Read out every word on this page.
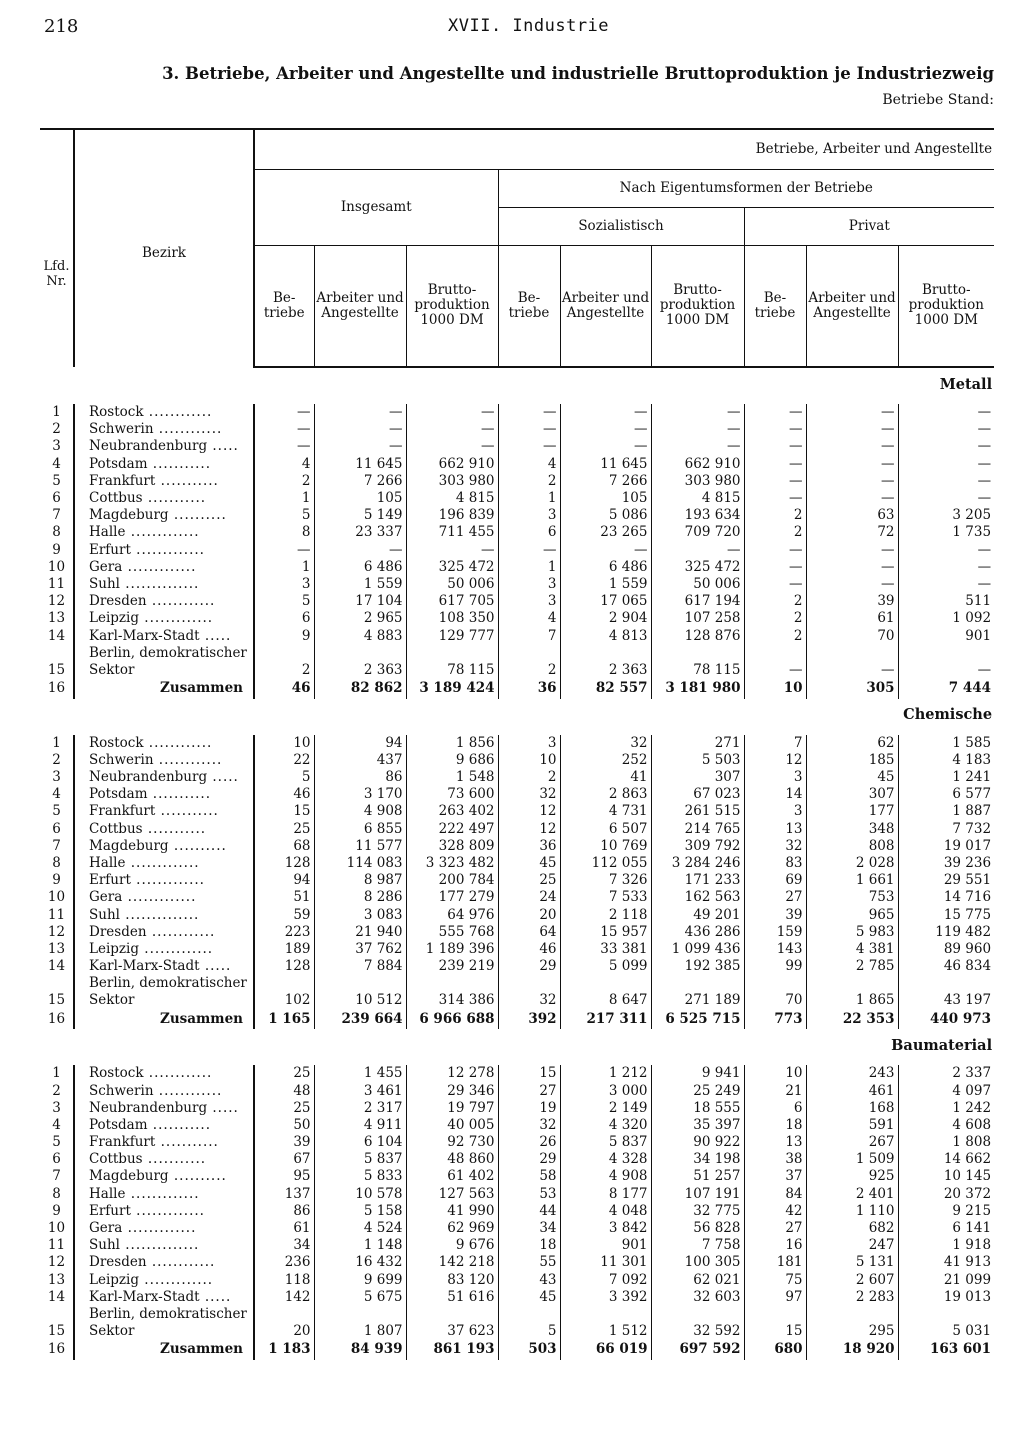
218	XVII. Industrie
3. Betriebe, Arbeiter und Angestellte und industrielle Bruttoproduktion je Industriezweig
Betriebe Stand:
Lfd. Nr.	Bezirk	Betriebe, Arbeiter und Angestellte								
		Insgesamt			Nach Eigentumsformen der Betriebe					
					Sozialistisch			Privat		
		Be-triebe	Arbeiter und Angestellte	Brutto-produktion 1000 DM	Be-triebe	Arbeiter und Angestellte	Brutto-produktion 1000 DM	Be-triebe	Arbeiter und Angestellte	Brutto-produktion 1000 DM
		Metall								
1	Rostock ............	—	—	—	—	—	—	—	—	—
2	Schwerin ............	—	—	—	—	—	—	—	—	—
3	Neubrandenburg .....	—	—	—	—	—	—	—	—	—
4	Potsdam ...........	4	11 645	662 910	4	11 645	662 910	—	—	—
5	Frankfurt ...........	2	7 266	303 980	2	7 266	303 980	—	—	—
6	Cottbus ...........	1	105	4 815	1	105	4 815	—	—	—
7	Magdeburg ..........	5	5 149	196 839	3	5 086	193 634	2	63	3 205
8	Halle .............	8	23 337	711 455	6	23 265	709 720	2	72	1 735
9	Erfurt .............	—	—	—	—	—	—	—	—	—
10	Gera .............	1	6 486	325 472	1	6 486	325 472	—	—	—
11	Suhl ..............	3	1 559	50 006	3	1 559	50 006	—	—	—
12	Dresden ............	5	17 104	617 705	3	17 065	617 194	2	39	511
13	Leipzig .............	6	2 965	108 350	4	2 904	107 258	2	61	1 092
14	Karl-Marx-Stadt .....	9	4 883	129 777	7	4 813	128 876	2	70	901
15	Berlin, demokratischer Sektor	2	2 363	78 115	2	2 363	78 115	—	—	—
16	Zusammen	46	82 862	3 189 424	36	82 557	3 181 980	10	305	7 444
		Chemische								
1	Rostock ............	10	94	1 856	3	32	271	7	62	1 585
2	Schwerin ............	22	437	9 686	10	252	5 503	12	185	4 183
3	Neubrandenburg .....	5	86	1 548	2	41	307	3	45	1 241
4	Potsdam ...........	46	3 170	73 600	32	2 863	67 023	14	307	6 577
5	Frankfurt ...........	15	4 908	263 402	12	4 731	261 515	3	177	1 887
6	Cottbus ...........	25	6 855	222 497	12	6 507	214 765	13	348	7 732
7	Magdeburg ..........	68	11 577	328 809	36	10 769	309 792	32	808	19 017
8	Halle .............	128	114 083	3 323 482	45	112 055	3 284 246	83	2 028	39 236
9	Erfurt .............	94	8 987	200 784	25	7 326	171 233	69	1 661	29 551
10	Gera .............	51	8 286	177 279	24	7 533	162 563	27	753	14 716
11	Suhl ..............	59	3 083	64 976	20	2 118	49 201	39	965	15 775
12	Dresden ............	223	21 940	555 768	64	15 957	436 286	159	5 983	119 482
13	Leipzig .............	189	37 762	1 189 396	46	33 381	1 099 436	143	4 381	89 960
14	Karl-Marx-Stadt .....	128	7 884	239 219	29	5 099	192 385	99	2 785	46 834
15	Berlin, demokratischer Sektor	102	10 512	314 386	32	8 647	271 189	70	1 865	43 197
16	Zusammen	1 165	239 664	6 966 688	392	217 311	6 525 715	773	22 353	440 973
		Baumaterial								
1	Rostock ............	25	1 455	12 278	15	1 212	9 941	10	243	2 337
2	Schwerin ............	48	3 461	29 346	27	3 000	25 249	21	461	4 097
3	Neubrandenburg .....	25	2 317	19 797	19	2 149	18 555	6	168	1 242
4	Potsdam ...........	50	4 911	40 005	32	4 320	35 397	18	591	4 608
5	Frankfurt ...........	39	6 104	92 730	26	5 837	90 922	13	267	1 808
6	Cottbus ...........	67	5 837	48 860	29	4 328	34 198	38	1 509	14 662
7	Magdeburg ..........	95	5 833	61 402	58	4 908	51 257	37	925	10 145
8	Halle .............	137	10 578	127 563	53	8 177	107 191	84	2 401	20 372
9	Erfurt .............	86	5 158	41 990	44	4 048	32 775	42	1 110	9 215
10	Gera .............	61	4 524	62 969	34	3 842	56 828	27	682	6 141
11	Suhl ..............	34	1 148	9 676	18	901	7 758	16	247	1 918
12	Dresden ............	236	16 432	142 218	55	11 301	100 305	181	5 131	41 913
13	Leipzig .............	118	9 699	83 120	43	7 092	62 021	75	2 607	21 099
14	Karl-Marx-Stadt .....	142	5 675	51 616	45	3 392	32 603	97	2 283	19 013
15	Berlin, demokratischer Sektor	20	1 807	37 623	5	1 512	32 592	15	295	5 031
16	Zusammen	1 183	84 939	861 193	503	66 019	697 592	680	18 920	163 601
